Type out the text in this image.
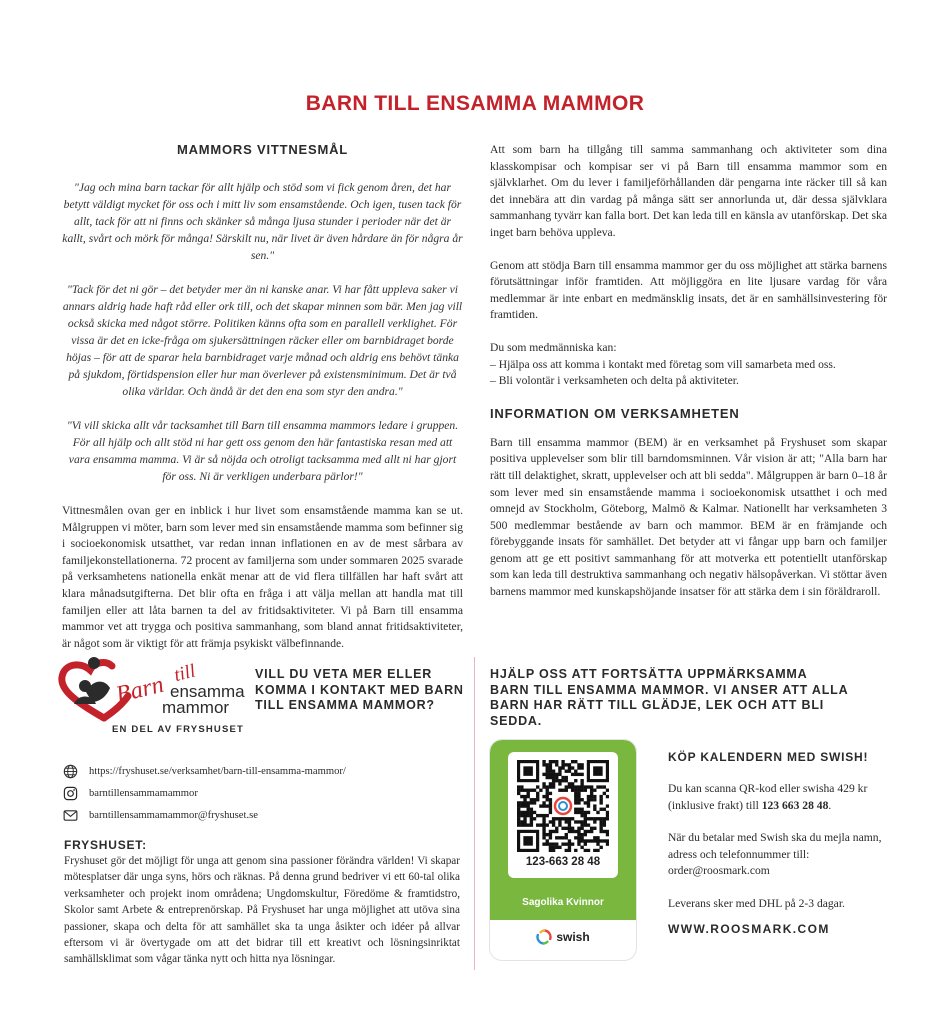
BARN TILL ENSAMMA MAMMOR
MAMMORS VITTNESMÅL

"Jag och mina barn tackar för allt hjälp och stöd som vi fick genom åren, det har betytt väldigt mycket för oss och i mitt liv som ensamstående. Och igen, tusen tack för allt, tack för att ni finns och skänker så många ljusa stunder i perioder när det är kallt, svårt och mörk för många! Särskilt nu, när livet är även hårdare än för några år sen."

"Tack för det ni gör – det betyder mer än ni kanske anar. Vi har fått uppleva saker vi annars aldrig hade haft råd eller ork till, och det skapar minnen som bär. Men jag vill också skicka med något större. Politiken känns ofta som en parallell verklighet. För vissa är det en icke-fråga om sjukersättningen räcker eller om barnbidraget borde höjas – för att de sparar hela barnbidraget varje månad och aldrig ens behövt tänka på sjukdom, förtidspension eller hur man överlever på existensminimum. Det är två olika världar. Och ändå är det den ena som styr den andra."

"Vi vill skicka allt vår tacksamhet till Barn till ensamma mammors ledare i gruppen. För all hjälp och allt stöd ni har gett oss genom den här fantastiska resan med att vara ensamma mamma. Vi är så nöjda och otroligt tacksamma med allt ni har gjort för oss. Ni är verkligen underbara pärlor!"

Vittnesmålen ovan ger en inblick i hur livet som ensamstående mamma kan se ut. Målgruppen vi möter, barn som lever med sin ensamstående mamma som befinner sig i socioekonomisk utsatthet, var redan innan inflationen en av de mest sårbara av familjekonstellationerna. 72 procent av familjerna som under sommaren 2025 svarade på verksamhetens nationella enkät menar att de vid flera tillfällen har haft svårt att klara månadsutgifterna. Det blir ofta en fråga i att välja mellan att handla mat till familjen eller att låta barnen ta del av fritidsaktiviteter. Vi på Barn till ensamma mammor vet att trygga och positiva sammanhang, som bland annat fritidsaktiviteter, är något som är viktigt för att främja psykiskt välbefinnande.

Att som barn ha tillgång till samma sammanhang och aktiviteter som dina klasskompisar och kompisar ser vi på Barn till ensamma mammor som en självklarhet. Om du lever i familjeförhållanden där pengarna inte räcker till så kan det innebära att din vardag på många sätt ser annorlunda ut, där dessa självklara sammanhang tyvärr kan falla bort. Det kan leda till en känsla av utanförskap. Det ska inget barn behöva uppleva.

Genom att stödja Barn till ensamma mammor ger du oss möjlighet att stärka barnens förutsättningar inför framtiden. Att möjliggöra en lite ljusare vardag för våra medlemmar är inte enbart en medmänsklig insats, det är en samhällsinvestering för framtiden.

Du som medmänniska kan:
– Hjälpa oss att komma i kontakt med företag som vill samarbeta med oss.
– Bli volontär i verksamheten och delta på aktiviteter.
INFORMATION OM VERKSAMHETEN

Barn till ensamma mammor (BEM) är en verksamhet på Fryshuset som skapar positiva upplevelser som blir till barndomsminnen. Vår vision är att; "Alla barn har rätt till delaktighet, skratt, upplevelser och att bli sedda". Målgruppen är barn 0–18 år som lever med sin ensamstående mamma i socioekonomisk utsatthet i och med omnejd av Stockholm, Göteborg, Malmö & Kalmar. Nationellt har verksamheten 3 500 medlemmar bestående av barn och mammor. BEM är en främjande och förebyggande insats för samhället. Det betyder att vi fångar upp barn och familjer genom att ge ett positivt sammanhang för att motverka ett potentiellt utanförskap som kan leda till destruktiva sammanhang och negativ hälsopåverkan. Vi stöttar även barnens mammor med kunskapshöjande insatser för att stärka dem i sin föräldraroll.

Barn till
ensamma
mammor
EN DEL AV FRYSHUSET
VILL DU VETA MER ELLER KOMMA I KONTAKT MED BARN TILL ENSAMMA MAMMOR?
https://fryshuset.se/verksamhet/barn-till-ensamma-mammor/
barntillensammamammor
barntillensammamammor@fryshuset.se
FRYSHUSET:

Fryshuset gör det möjligt för unga att genom sina passioner förändra världen! Vi skapar mötesplatser där unga syns, hörs och räknas. På denna grund bedriver vi ett 60-tal olika verksamheter och projekt inom områdena; Ungdomskultur, Föredöme & framtidstro, Skolor samt Arbete & entreprenörskap. På Fryshuset har unga möjlighet att utöva sina passioner, skapa och delta för att samhället ska ta unga åsikter och idéer på allvar eftersom vi är övertygade om att det bidrar till ett kreativt och lösningsinriktat samhällsklimat som vågar tänka nytt och hitta nya lösningar.

HJÄLP OSS ATT FORTSÄTTA UPPMÄRKSAMMA BARN TILL ENSAMMA MAMMOR. VI ANSER ATT ALLA BARN HAR RÄTT TILL GLÄDJE, LEK OCH ATT BLI SEDDA.
123-663 28 48
Sagolika Kvinnor
swish
KÖP KALENDERN MED SWISH!

Du kan scanna QR-kod eller swisha 429 kr (inklusive frakt) till 123 663 28 48.

När du betalar med Swish ska du mejla namn, adress och telefonnummer till: order@roosmark.com

Leverans sker med DHL på 2-3 dagar.

WWW.ROOSMARK.COM
